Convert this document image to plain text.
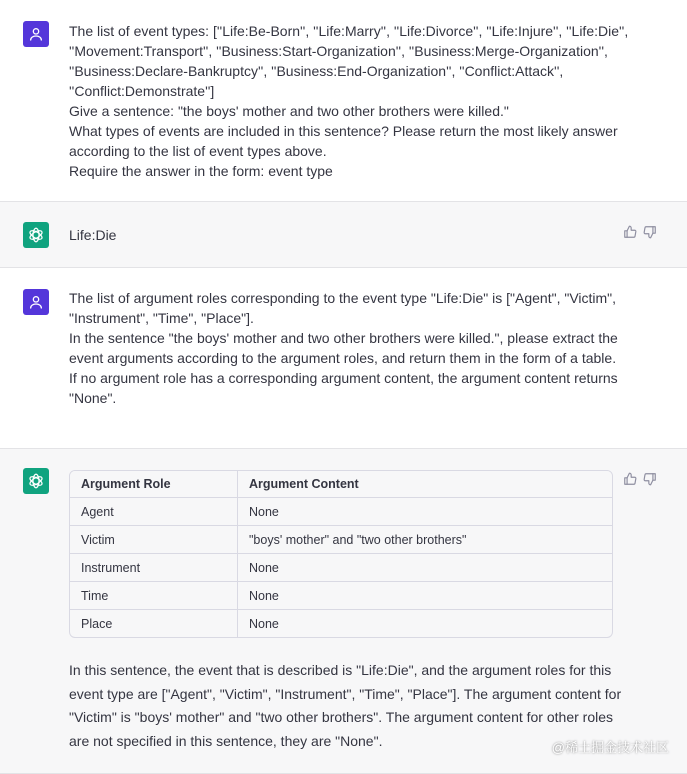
The list of event types: [''Life:Be-Born'', ''Life:Marry'', ''Life:Divorce'', ''Life:Injure'', ''Life:Die'', ''Movement:Transport'', ''Business:Start-Organization'', ''Business:Merge-Organization'', ''Business:Declare-Bankruptcy'', ''Business:End-Organization'', ''Conflict:Attack'', ''Conflict:Demonstrate'']
Give a sentence: "the boys' mother and two other brothers were killed."
What types of events are included in this sentence? Please return the most likely answer according to the list of event types above.
Require the answer in the form: event type
Life:Die
The list of argument roles corresponding to the event type "Life:Die" is ["Agent", "Victim", "Instrument", "Time", "Place"].
In the sentence "the boys' mother and two other brothers were killed.", please extract the event arguments according to the argument roles, and return them in the form of a table.
If no argument role has a corresponding argument content, the argument content returns "None".
Argument Role	Argument Content
Agent	None
Victim	"boys' mother" and "two other brothers"
Instrument	None
Time	None
Place	None
In this sentence, the event that is described is "Life:Die", and the argument roles for this event type are ["Agent", "Victim", "Instrument", "Time", "Place"]. The argument content for "Victim" is "boys' mother" and "two other brothers". The argument content for other roles are not specified in this sentence, they are "None".	@稀土掘金技术社区
